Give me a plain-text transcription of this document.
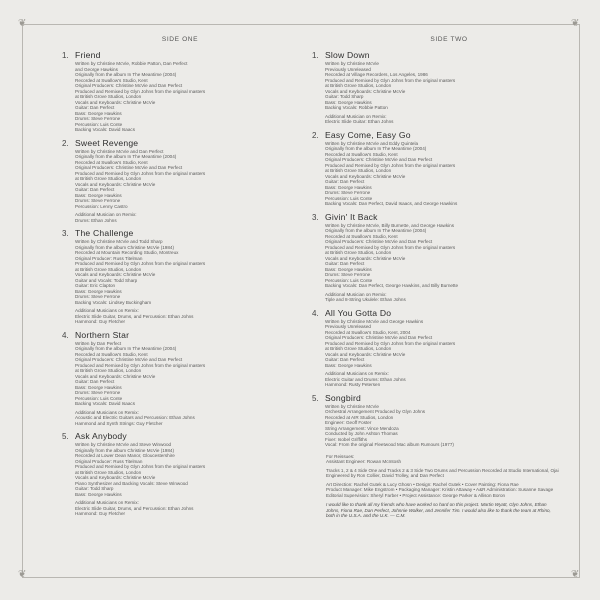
❦	❦
❦	❦
SIDE ONE
1. Friend
Written by Christine McVie, Robbie Patton, Dan Perfect
and George Hawkins
Originally from the album In The Meantime (2004)
Recorded at Swallow's Studio, Kent
Original Producers: Christine McVie and Dan Perfect
Produced and Remixed by Glyn Johns from the original masters
at British Grove Studios, London
Vocals and Keyboards: Christine McVie
Guitar: Dan Perfect
Bass: George Hawkins
Drums: Steve Ferrone
Percussion: Luis Conte
Backing Vocals: David Isaacs
2. Sweet Revenge
Written by Christine McVie and Dan Perfect
Originally from the album In The Meantime (2004)
Recorded at Swallow's Studio, Kent
Original Producers: Christine McVie and Dan Perfect
Produced and Remixed by Glyn Johns from the original masters
at British Grove Studios, London
Vocals and Keyboards: Christine McVie
Guitar: Dan Perfect
Bass: George Hawkins
Drums: Steve Ferrone
Percussion: Lenny Castro
Additional Musician on Remix:
Drums: Ethan Johns
3. The Challenge
Written by Christine McVie and Todd Sharp
Originally from the album Christine McVie (1984)
Recorded at Mountain Recording Studio, Montreux
Original Producer: Russ Titelman
Produced and Remixed by Glyn Johns from the original masters
at British Grove Studios, London
Vocals and Keyboards: Christine McVie
Guitar and Vocals: Todd Sharp
Guitar: Eric Clapton
Bass: George Hawkins
Drums: Steve Ferrone
Backing Vocals: Lindsey Buckingham
Additional Musicians on Remix:
Electric Slide Guitar, Drums, and Percussion: Ethan Johns
Hammond: Guy Fletcher
4. Northern Star
Written by Dan Perfect
Originally from the album In The Meantime (2004)
Recorded at Swallow's Studio, Kent
Original Producers: Christine McVie and Dan Perfect
Produced and Remixed by Glyn Johns from the original masters
at British Grove Studios, London
Vocals and Keyboards: Christine McVie
Guitar: Dan Perfect
Bass: George Hawkins
Drums: Steve Ferrone
Percussion: Luis Conte
Backing Vocals: David Isaacs
Additional Musicians on Remix:
Acoustic and Electric Guitars and Percussion: Ethan Johns
Hammond and Synth Strings: Guy Fletcher
5. Ask Anybody
Written by Christine McVie and Steve Winwood
Originally from the album Christine McVie (1984)
Recorded at Lower Dean Manor, Gloucestershire
Original Producer: Russ Titelman
Produced and Remixed by Glyn Johns from the original masters
at British Grove Studios, London
Vocals and Keyboards: Christine McVie
Piano Synthesizer and Backing Vocals: Steve Winwood
Guitar: Todd Sharp
Bass: George Hawkins
Additional Musicians on Remix:
Electric Slide Guitar, Drums, and Percussion: Ethan Johns
Hammond: Guy Fletcher
SIDE TWO
1. Slow Down
Written by Christine McVie
Previously Unreleased
Recorded at Village Recorders, Los Angeles, 1986
Produced and Remixed by Glyn Johns from the original masters
at British Grove Studios, London
Vocals and Keyboards: Christine McVie
Guitar: Todd Sharp
Bass: George Hawkins
Backing Vocals: Robbie Patton
Additional Musician on Remix:
Electric Slide Guitar: Ethan Johns
2. Easy Come, Easy Go
Written by Christine McVie and Eddy Quintela
Originally from the album In The Meantime (2004)
Recorded at Swallow's Studio, Kent
Original Producers: Christine McVie and Dan Perfect
Produced and Remixed by Glyn Johns from the original masters
at British Grove Studios, London
Vocals and Keyboards: Christine McVie
Guitar: Dan Perfect
Bass: George Hawkins
Drums: Steve Ferrone
Percussion: Luis Conte
Backing Vocals: Dan Perfect, David Isaacs, and George Hawkins
3. Givin' It Back
Written by Christine McVie, Billy Burnette, and George Hawkins
Originally from the album In The Meantime (2004)
Recorded at Swallow's Studio, Kent
Original Producers: Christine McVie and Dan Perfect
Produced and Remixed by Glyn Johns from the original masters
at British Grove Studios, London
Vocals and Keyboards: Christine McVie
Guitar: Dan Perfect
Bass: George Hawkins
Drums: Steve Ferrone
Percussion: Luis Conte
Backing Vocals: Dan Perfect, George Hawkins, and Billy Burnette
Additional Musician on Remix:
Tiple and 8-String Ukulele: Ethan Johns
4. All You Gotta Do
Written by Christine McVie and George Hawkins
Previously Unreleased
Recorded at Swallow's Studio, Kent, 2004
Original Producers: Christine McVie and Dan Perfect
Produced and Remixed by Glyn Johns from the original masters
at British Grove Studios, London
Vocals and Keyboards: Christine McVie
Guitar: Dan Perfect
Bass: George Hawkins
Additional Musicians on Remix:
Electric Guitar and Drums: Ethan Johns
Hammond: Rusty Petersen
5. Songbird
Written by Christine McVie
Orchestral Arrangement Produced by Glyn Johns
Recorded at AIR Studios, London
Engineer: Geoff Foster
String Arrangement: Vince Mendoza
Conducted by John Ashton Thomas
Fixer: Isobel Griffiths
Vocal: From the original Fleetwood Mac album Rumours (1977)
For Reissues:
Assistant Engineer: Rowan McIntosh
Tracks 1, 2 & 4 Side One and Tracks 2 & 3 Side Two Drums and Percussion Recorded at Studio International, Ojai
Engineered by Ron Collier, David Trolley, and Dan Perfect
Art Direction: Rachel Gutek & Lucy Ghosn • Design: Rachel Gutek • Cover Painting: Fiona Rae
Product Manager: Mike Engstrom • Packaging Manager: Kristin Attaway • A&R Administration: Susanne Savage
Editorial Supervision: Sheryl Farber • Project Assistance: George Parker & Allison Boron
I would like to thank all my friends who have worked so hard on this project. Martin Wyatt, Glyn Johns, Ethan Johns, Fiona Rae, Dan Perfect, Johnnie Walker, and Jennifer Tim. I would also like to thank the team at Rhino, both in the U.S.A. and the U.K. — C.M.
